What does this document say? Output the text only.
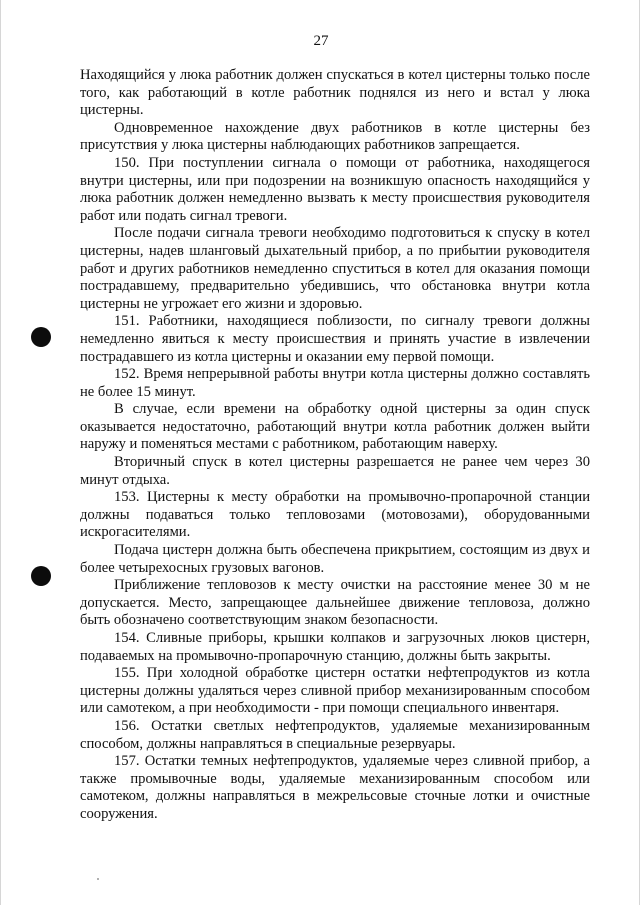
27

Находящийся у люка работник должен спускаться в котел цистерны только после того, как работающий в котле работник поднялся из него и встал у люка цистерны.

Одновременное нахождение двух работников в котле цистерны без присутствия у люка цистерны наблюдающих работников запрещается.

150. При поступлении сигнала о помощи от работника, находящегося внутри цистерны, или при подозрении на возникшую опасность находящийся у люка работник должен немедленно вызвать к месту происшествия руководителя работ или подать сигнал тревоги.

После подачи сигнала тревоги необходимо подготовиться к спуску в котел цистерны, надев шланговый дыхательный прибор, а по прибытии руководителя работ и других работников немедленно спуститься в котел для оказания помощи пострадавшему, предварительно убедившись, что обстановка внутри котла цистерны не угрожает его жизни и здоровью.

151. Работники, находящиеся поблизости, по сигналу тревоги должны немедленно явиться к месту происшествия и принять участие в извлечении пострадавшего из котла цистерны и оказании ему первой помощи.

152. Время непрерывной работы внутри котла цистерны должно составлять не более 15 минут.

В случае, если времени на обработку одной цистерны за один спуск оказывается недостаточно, работающий внутри котла работник должен выйти наружу и поменяться местами с работником, работающим наверху.

Вторичный спуск в котел цистерны разрешается не ранее чем через 30 минут отдыха.

153. Цистерны к месту обработки на промывочно-пропарочной станции должны подаваться только тепловозами (мотовозами), оборудованными искрогасителями.

Подача цистерн должна быть обеспечена прикрытием, состоящим из двух и более четырехосных грузовых вагонов.

Приближение тепловозов к месту очистки на расстояние менее 30 м не допускается. Место, запрещающее дальнейшее движение тепловоза, должно быть обозначено соответствующим знаком безопасности.

154. Сливные приборы, крышки колпаков и загрузочных люков цистерн, подаваемых на промывочно-пропарочную станцию, должны быть закрыты.

155. При холодной обработке цистерн остатки нефтепродуктов из котла цистерны должны удаляться через сливной прибор механизированным способом или самотеком, а при необходимости - при помощи специального инвентаря.

156. Остатки светлых нефтепродуктов, удаляемые механизированным способом, должны направляться в специальные резервуары.

157. Остатки темных нефтепродуктов, удаляемые через сливной прибор, а также промывочные воды, удаляемые механизированным способом или самотеком, должны направляться в межрельсовые сточные лотки и очистные сооружения.
